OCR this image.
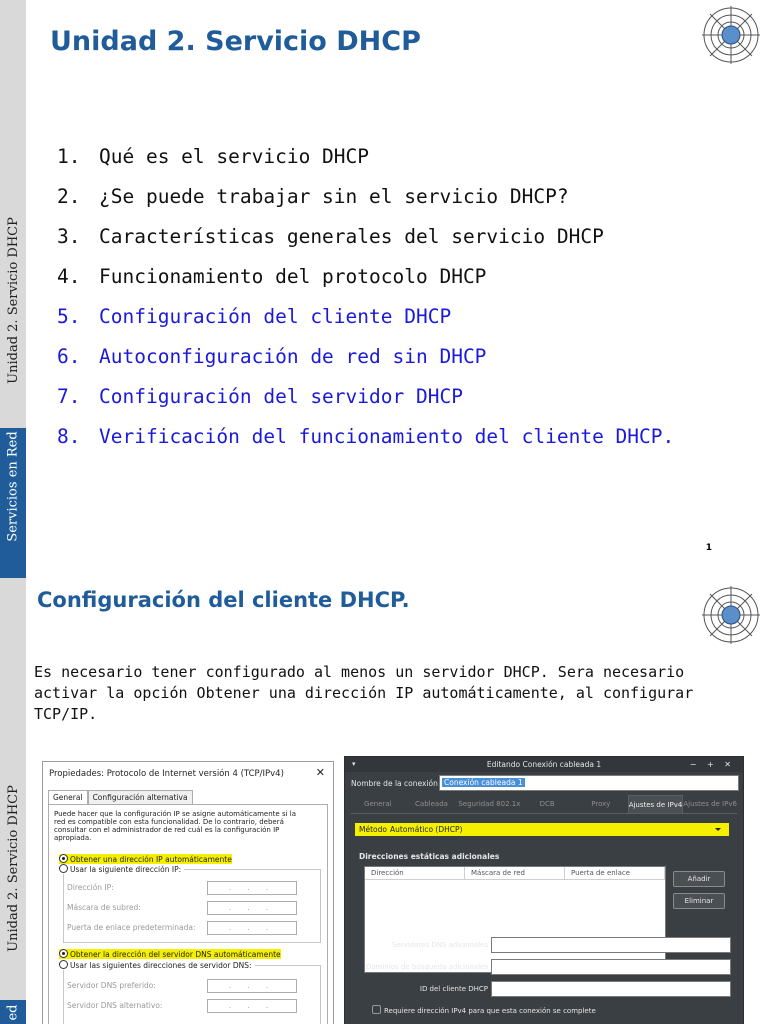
Unidad 2. Servicio DHCP
Servicios en Red
Unidad 2. Servicio DHCP
1. Qué es el servicio DHCP
2. ¿Se puede trabajar sin el servicio DHCP?
3. Características generales del servicio DHCP
4. Funcionamiento del protocolo DHCP
5. Configuración del cliente DHCP
6. Autoconfiguración de red sin DHCP
7. Configuración del servidor DHCP
8. Verificación del funcionamiento del cliente DHCP.
1
Unidad 2. Servicio DHCP
ed
Configuración del cliente DHCP.

Es necesario tener configurado al menos un servidor DHCP. Sera necesario activar la opción Obtener una dirección IP automáticamente, al configurar TCP/IP.

Propiedades: Protocolo de Internet versión 4 (TCP/IPv4)	✕
General	Configuración alternativa
Puede hacer que la configuración IP se asigne automáticamente si la red es compatible con esta funcionalidad. De lo contrario, deberá consultar con el administrador de red cuál es la configuración IP apropiada.
Obtener una dirección IP automáticamente
Usar la siguiente dirección IP:
Dirección IP:	. . .
Máscara de subred:	. . .
Puerta de enlace predeterminada:	. . .
Obtener la dirección del servidor DNS automáticamente
Usar las siguientes direcciones de servidor DNS:
Servidor DNS preferido:	. . .
Servidor DNS alternativo:	. . .
Editando Conexión cableada 1
▾	− + ✕
Nombre de la conexión Conexión cableada 1
General	Cableada	Seguridad 802.1x	DCB	Proxy	Ajustes de IPv4 Ajustes de IPv6
Método Automático (DHCP)
Direcciones estáticas adicionales
Dirección	Máscara de red	Puerta de enlace
Añadir
Eliminar
Servidores DNS adicionales
Dominios de búsqueda adicionales
ID del cliente DHCP
Requiere dirección IPv4 para que esta conexión se complete
